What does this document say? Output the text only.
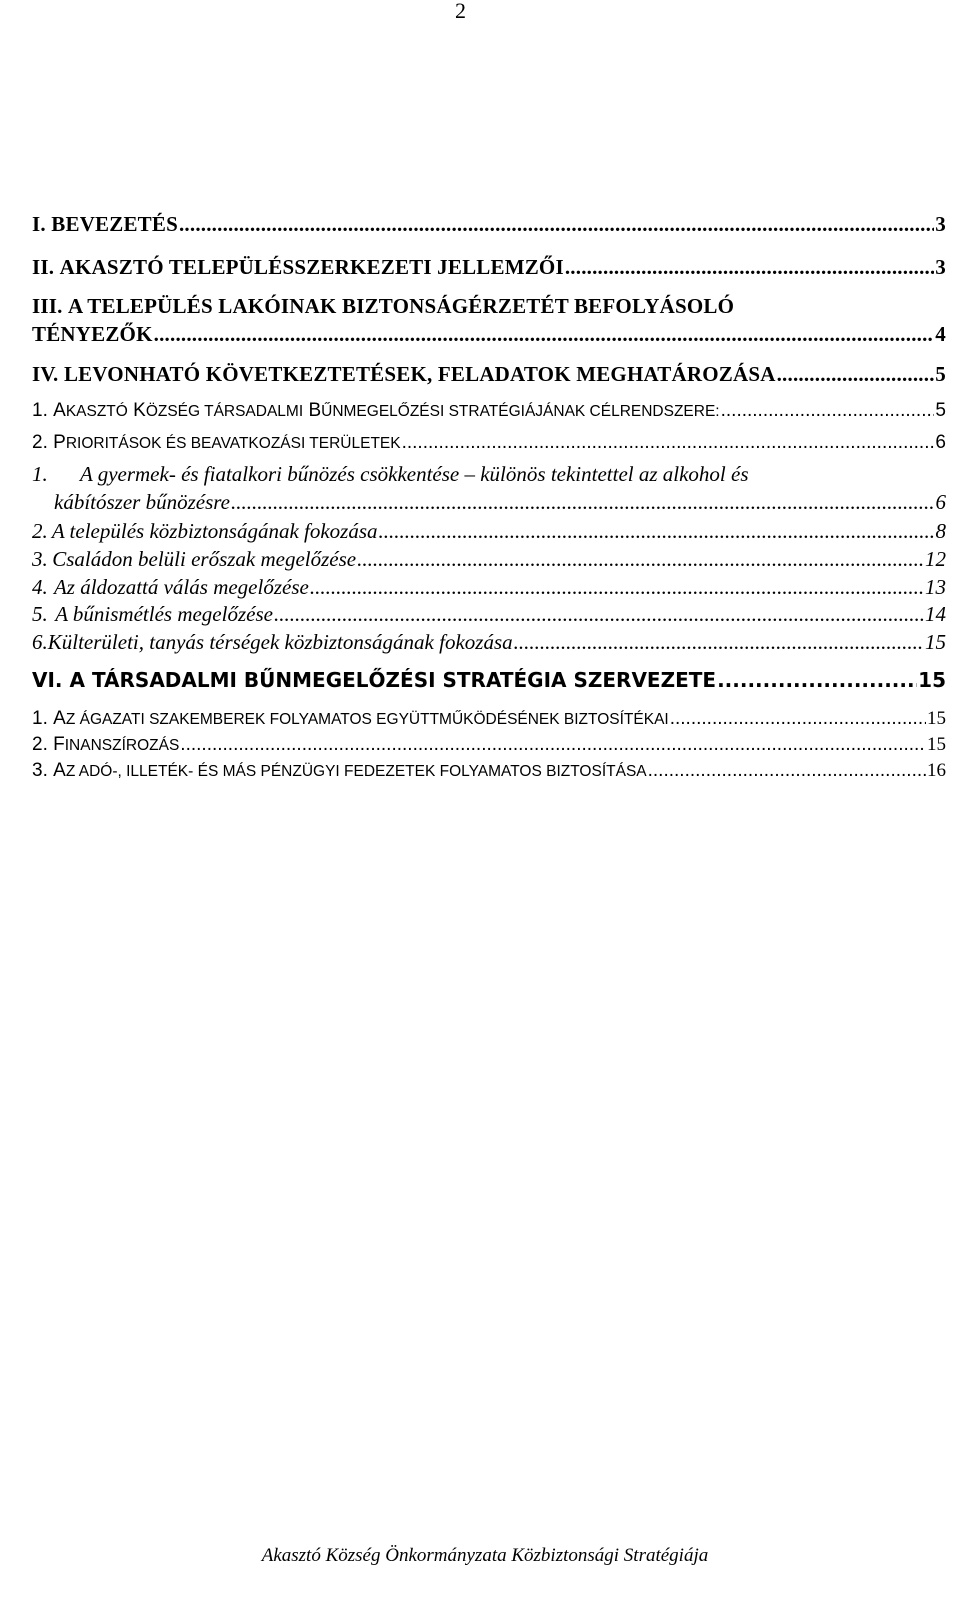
2
I.
BEVEZETÉS .....	3
II.
AKASZTÓ TELEPÜLÉSSZERKEZETI JELLEMZŐI .....	3
III.
A TELEPÜLÉS LAKÓINAK BIZTONSÁGÉRZETÉT BEFOLYÁSOLÓ
TÉNYEZŐK .....	4
IV.
LEVONHATÓ KÖVETKEZTETÉSEK, FELADATOK MEGHATÁROZÁSA .....	5
1.
AKASZTÓ KÖZSÉG TÁRSADALMI BŰNMEGELŐZÉSI STRATÉGIÁJÁNAK CÉLRENDSZERE: .....	5
2.
PRIORITÁSOK ÉS BEAVATKOZÁSI TERÜLETEK .....	6
1.	A gyermek- és fiatalkori bűnözés csökkentése – különös tekintettel az alkohol és
kábítószer bűnözésre .....	6
2. A település közbiztonságának fokozása .....	8
3. Családon belüli erőszak megelőzése .....	12
4. Az áldozattá válás megelőzése .....	13
5. A bűnismétlés megelőzése .....	14
6. Külterületi, tanyás térségek közbiztonságának fokozása .....	15
VI.
A TÁRSADALMI BŰNMEGELŐZÉSI STRATÉGIA SZERVEZETE .....	15
1.
AZ ÁGAZATI SZAKEMBEREK FOLYAMATOS EGYÜTTMŰKÖDÉSÉNEK BIZTOSÍTÉKAI .....	15
2.
FINANSZÍROZÁS .....	15
3.
AZ ADÓ-, ILLETÉK- ÉS MÁS PÉNZÜGYI FEDEZETEK FOLYAMATOS BIZTOSÍTÁSA .....	16
Akasztó Község Önkormányzata Közbiztonsági Stratégiája
